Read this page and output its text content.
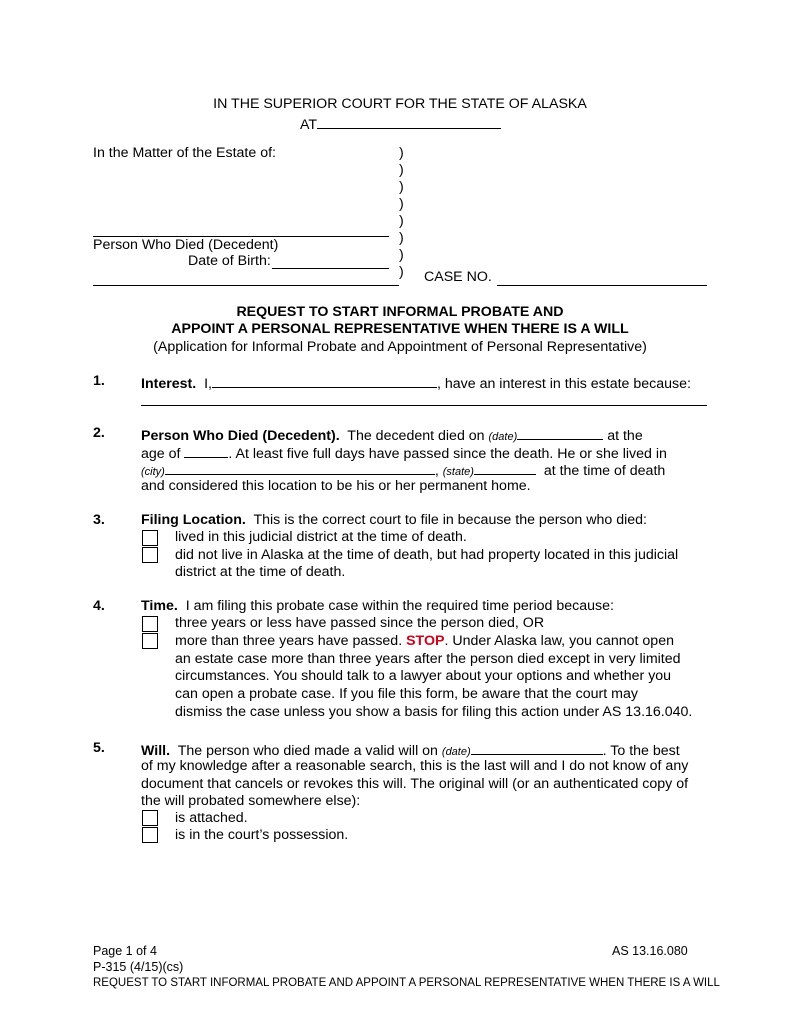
IN THE SUPERIOR COURT FOR THE STATE OF ALASKA
AT
In the Matter of the Estate of:	)
)
)
)
)
)
)
)
Person Who Died (Decedent)
Date of Birth:
CASE NO.
REQUEST TO START INFORMAL PROBATE AND
APPOINT A PERSONAL REPRESENTATIVE WHEN THERE IS A WILL
(Application for Informal Probate and Appointment of Personal Representative)
1.	Interest. I,	, have an interest in this estate because:
2.	Person Who Died (Decedent). The decedent died on (date)	at the
age of	. At least five full days have passed since the death. He or she lived in
(city)	, (state)	at the time of death
and considered this location to be his or her permanent home.
3.	Filing Location. This is the correct court to file in because the person who died:
lived in this judicial district at the time of death.
did not live in Alaska at the time of death, but had property located in this judicial
district at the time of death.
4.	Time. I am filing this probate case within the required time period because:
three years or less have passed since the person died, OR
more than three years have passed. STOP. Under Alaska law, you cannot open
an estate case more than three years after the person died except in very limited
circumstances. You should talk to a lawyer about your options and whether you
can open a probate case. If you file this form, be aware that the court may
dismiss the case unless you show a basis for filing this action under AS 13.16.040.
5.	Will. The person who died made a valid will on (date)	. To the best
of my knowledge after a reasonable search, this is the last will and I do not know of any
document that cancels or revokes this will. The original will (or an authenticated copy of
the will probated somewhere else):
is attached.
is in the court’s possession.
Page 1 of 4	AS 13.16.080
P-315 (4/15)(cs)
REQUEST TO START INFORMAL PROBATE AND APPOINT A PERSONAL REPRESENTATIVE WHEN THERE IS A WILL
